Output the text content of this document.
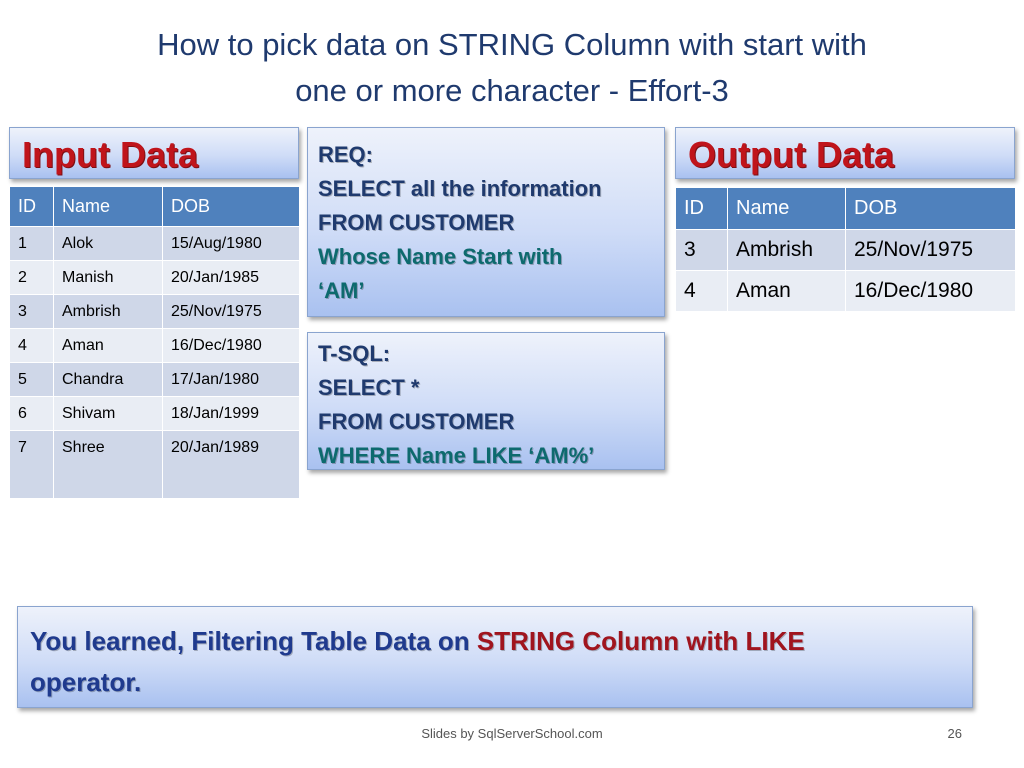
How to pick data on STRING Column with start with
one or more character - Effort-3
Input Data
ID	Name	DOB
1	Alok	15/Aug/1980
2	Manish	20/Jan/1985
3	Ambrish	25/Nov/1975
4	Aman	16/Dec/1980
5	Chandra	17/Jan/1980
6	Shivam	18/Jan/1999
7	Shree	20/Jan/1989
REQ:
SELECT all the information
FROM CUSTOMER
Whose Name Start with
‘AM’
T-SQL:
SELECT *
FROM CUSTOMER
WHERE Name LIKE ‘AM%’
Output Data
ID	Name	DOB
3	Ambrish	25/Nov/1975
4	Aman	16/Dec/1980
You learned, Filtering Table Data on STRING Column with LIKE
operator.
Slides by SqlServerSchool.com	26
